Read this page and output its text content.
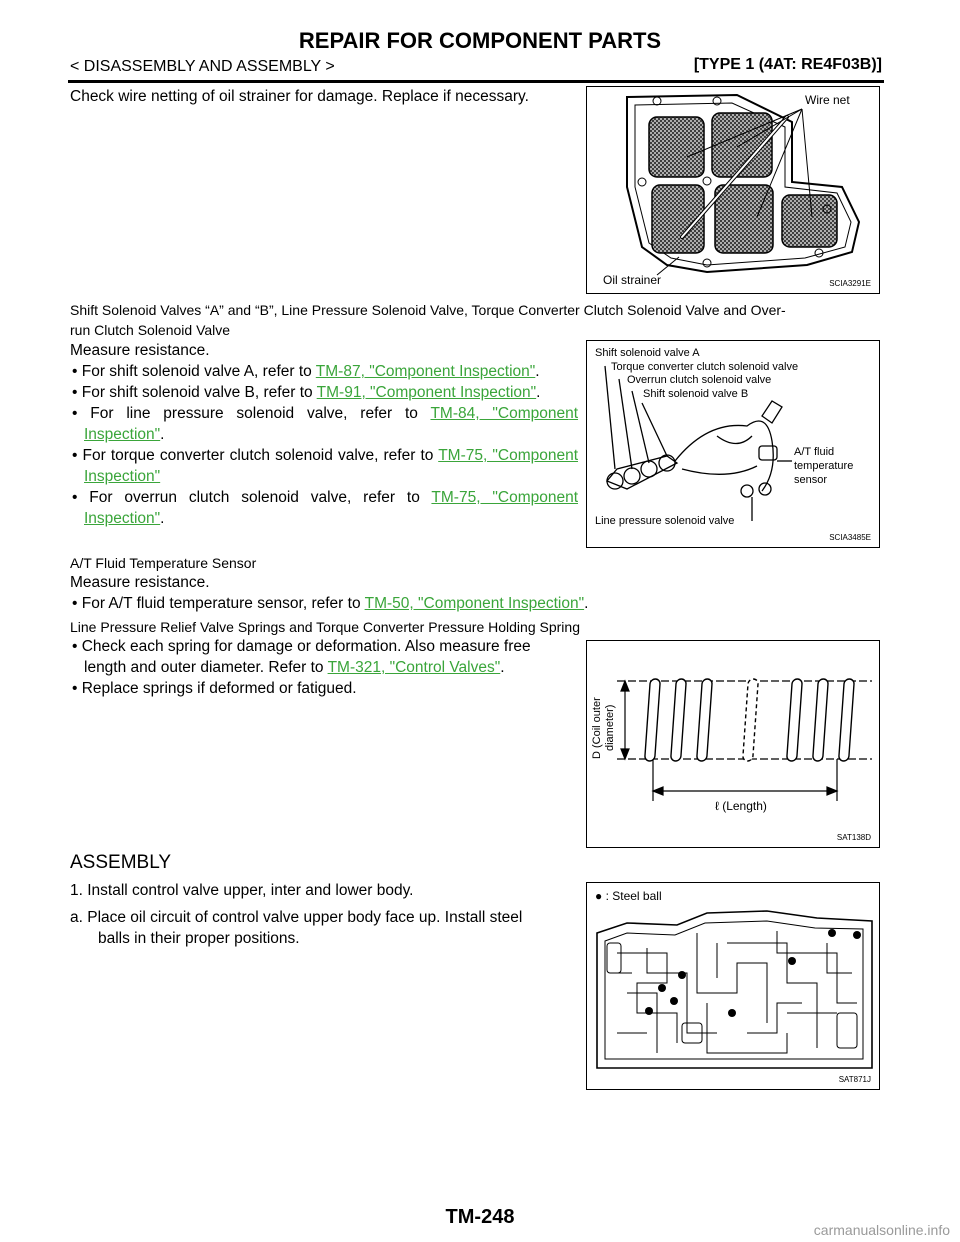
REPAIR FOR COMPONENT PARTS
< DISASSEMBLY AND ASSEMBLY >	[TYPE 1 (4AT: RE4F03B)]
Check wire netting of oil strainer for damage. Replace if necessary.	Wire net
Oil strainer	SCIA3291E
Shift Solenoid Valves “A” and “B”, Line Pressure Solenoid Valve, Torque Converter Clutch Solenoid Valve and Over-
run Clutch Solenoid Valve
Measure resistance.
• For shift solenoid valve A, refer to TM-87, "Component Inspection".
• For shift solenoid valve B, refer to TM-91, "Component Inspection".
• For line pressure solenoid valve, refer to TM-84, "Component Inspection".
• For torque converter clutch solenoid valve, refer to TM-75, "Component Inspection"
• For overrun clutch solenoid valve, refer to TM-75, "Component Inspection".
Shift solenoid valve A
Torque converter clutch solenoid valve
Overrun clutch solenoid valve
Shift solenoid valve B
A/T fluid
temperature
sensor
Line pressure solenoid valve
SCIA3485E
A/T Fluid Temperature Sensor
Measure resistance.
• For A/T fluid temperature sensor, refer to TM-50, "Component Inspection".
Line Pressure Relief Valve Springs and Torque Converter Pressure Holding Spring
• Check each spring for damage or deformation. Also measure free
length and outer diameter. Refer to TM-321, "Control Valves".
• Replace springs if deformed or fatigued.
D (Coil outer diameter)
ℓ (Length)
SAT138D
ASSEMBLY
1. Install control valve upper, inter and lower body.
a. Place oil circuit of control valve upper body face up. Install steel
balls in their proper positions.
● : Steel ball
SAT871J
TM-248
carmanualsonline.info
